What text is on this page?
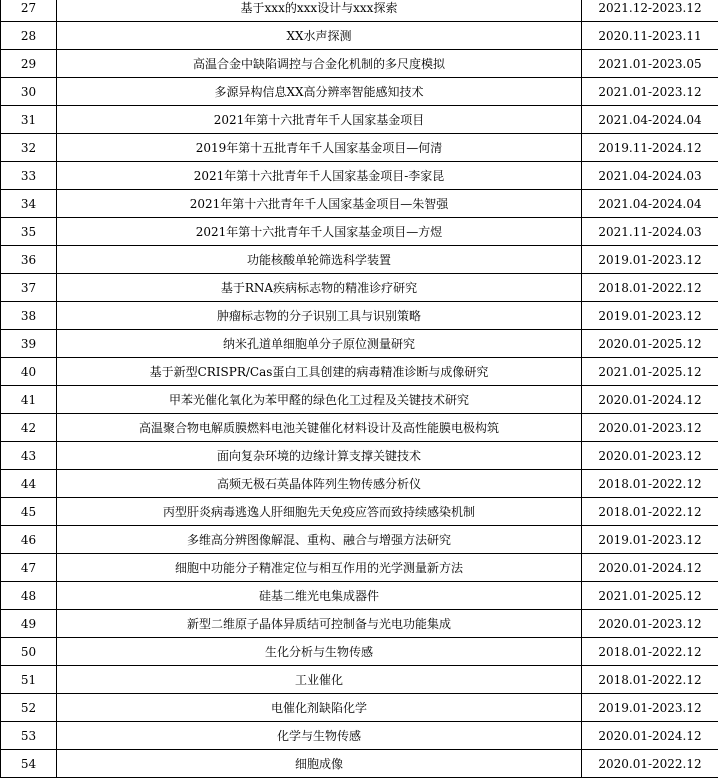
27	基于xxx的xxx设计与xxx探索	2021.12-2023.12
28	XX水声探测	2020.11-2023.11
29	高温合金中缺陷调控与合金化机制的多尺度模拟	2021.01-2023.05
30	多源异构信息XX高分辨率智能感知技术	2021.01-2023.12
31	2021年第十六批青年千人国家基金项目	2021.04-2024.04
32	2019年第十五批青年千人国家基金项目—何清	2019.11-2024.12
33	2021年第十六批青年千人国家基金项目-李家昆	2021.04-2024.03
34	2021年第十六批青年千人国家基金项目—朱智强	2021.04-2024.04
35	2021年第十六批青年千人国家基金项目—方煜	2021.11-2024.03
36	功能核酸单轮筛选科学装置	2019.01-2023.12
37	基于RNA疾病标志物的精准诊疗研究	2018.01-2022.12
38	肿瘤标志物的分子识别工具与识别策略	2019.01-2023.12
39	纳米孔道单细胞单分子原位测量研究	2020.01-2025.12
40	基于新型CRISPR/Cas蛋白工具创建的病毒精准诊断与成像研究	2021.01-2025.12
41	甲苯光催化氧化为苯甲醛的绿色化工过程及关键技术研究	2020.01-2024.12
42	高温聚合物电解质膜燃料电池关键催化材料设计及高性能膜电极构筑	2020.01-2023.12
43	面向复杂环境的边缘计算支撑关键技术	2020.01-2023.12
44	高频无极石英晶体阵列生物传感分析仪	2018.01-2022.12
45	丙型肝炎病毒逃逸人肝细胞先天免疫应答而致持续感染机制	2018.01-2022.12
46	多维高分辨图像解混、重构、融合与增强方法研究	2019.01-2023.12
47	细胞中功能分子精准定位与相互作用的光学测量新方法	2020.01-2024.12
48	硅基二维光电集成器件	2021.01-2025.12
49	新型二维原子晶体异质结可控制备与光电功能集成	2020.01-2023.12
50	生化分析与生物传感	2018.01-2022.12
51	工业催化	2018.01-2022.12
52	电催化剂缺陷化学	2019.01-2023.12
53	化学与生物传感	2020.01-2024.12
54	细胞成像	2020.01-2022.12
